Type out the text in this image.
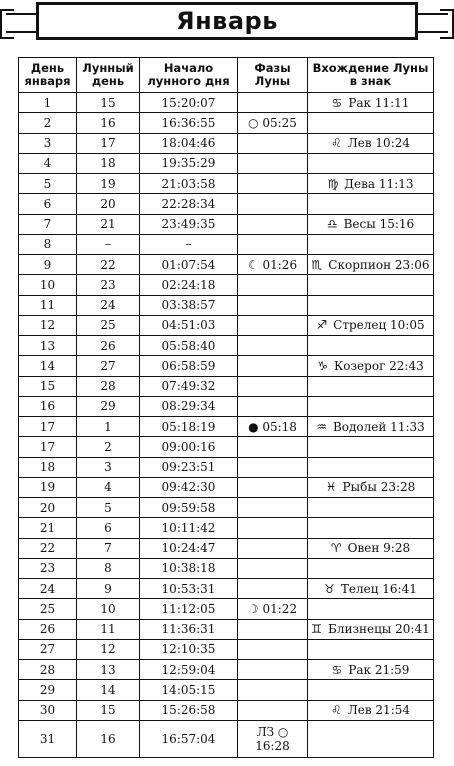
Январь
День января	Лунный день	Начало лунного дня	Фазы Луны	Вхождение Луны в знак
1	15	15:20:07		♋ Рак 11:11
2	16	16:36:55	○ 05:25	
3	17	18:04:46		♌ Лев 10:24
4	18	19:35:29		
5	19	21:03:58		♍ Дева 11:13
6	20	22:28:34		
7	21	23:49:35		♎ Весы 15:16
8	–	–		
9	22	01:07:54	☾ 01:26	♏ Скорпион 23:06
10	23	02:24:18		
11	24	03:38:57		
12	25	04:51:03		♐ Стрелец 10:05
13	26	05:58:40		
14	27	06:58:59		♑ Козерог 22:43
15	28	07:49:32		
16	29	08:29:34		
17	1	05:18:19	● 05:18	♒ Водолей 11:33
17	2	09:00:16		
18	3	09:23:51		
19	4	09:42:30		♓ Рыбы 23:28
20	5	09:59:58		
21	6	10:11:42		
22	7	10:24:47		♈ Овен 9:28
23	8	10:38:18		
24	9	10:53:31		♉ Телец 16:41
25	10	11:12:05	☽ 01:22	
26	11	11:36:31		♊ Близнецы 20:41
27	12	12:10:35		
28	13	12:59:04		♋ Рак 21:59
29	14	14:05:15		
30	15	15:26:58		♌ Лев 21:54
31	16	16:57:04	ЛЗ ○ 16:28	
